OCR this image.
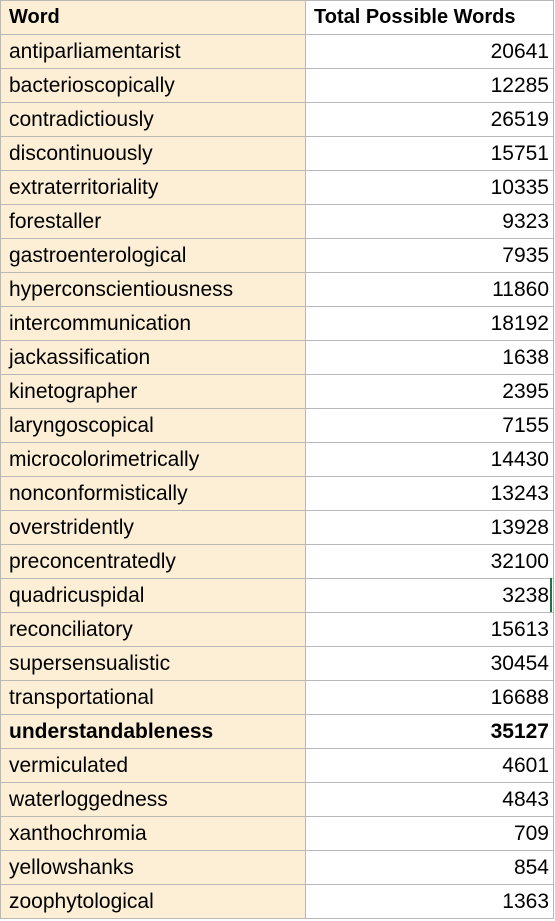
Word	Total Possible Words
antiparliamentarist	20641
bacterioscopically	12285
contradictiously	26519
discontinuously	15751
extraterritoriality	10335
forestaller	9323
gastroenterological	7935
hyperconscientiousness	11860
intercommunication	18192
jackassification	1638
kinetographer	2395
laryngoscopical	7155
microcolorimetrically	14430
nonconformistically	13243
overstridently	13928
preconcentratedly	32100
quadricuspidal	3238
reconciliatory	15613
supersensualistic	30454
transportational	16688
understandableness	35127
vermiculated	4601
waterloggedness	4843
xanthochromia	709
yellowshanks	854
zoophytological	1363
